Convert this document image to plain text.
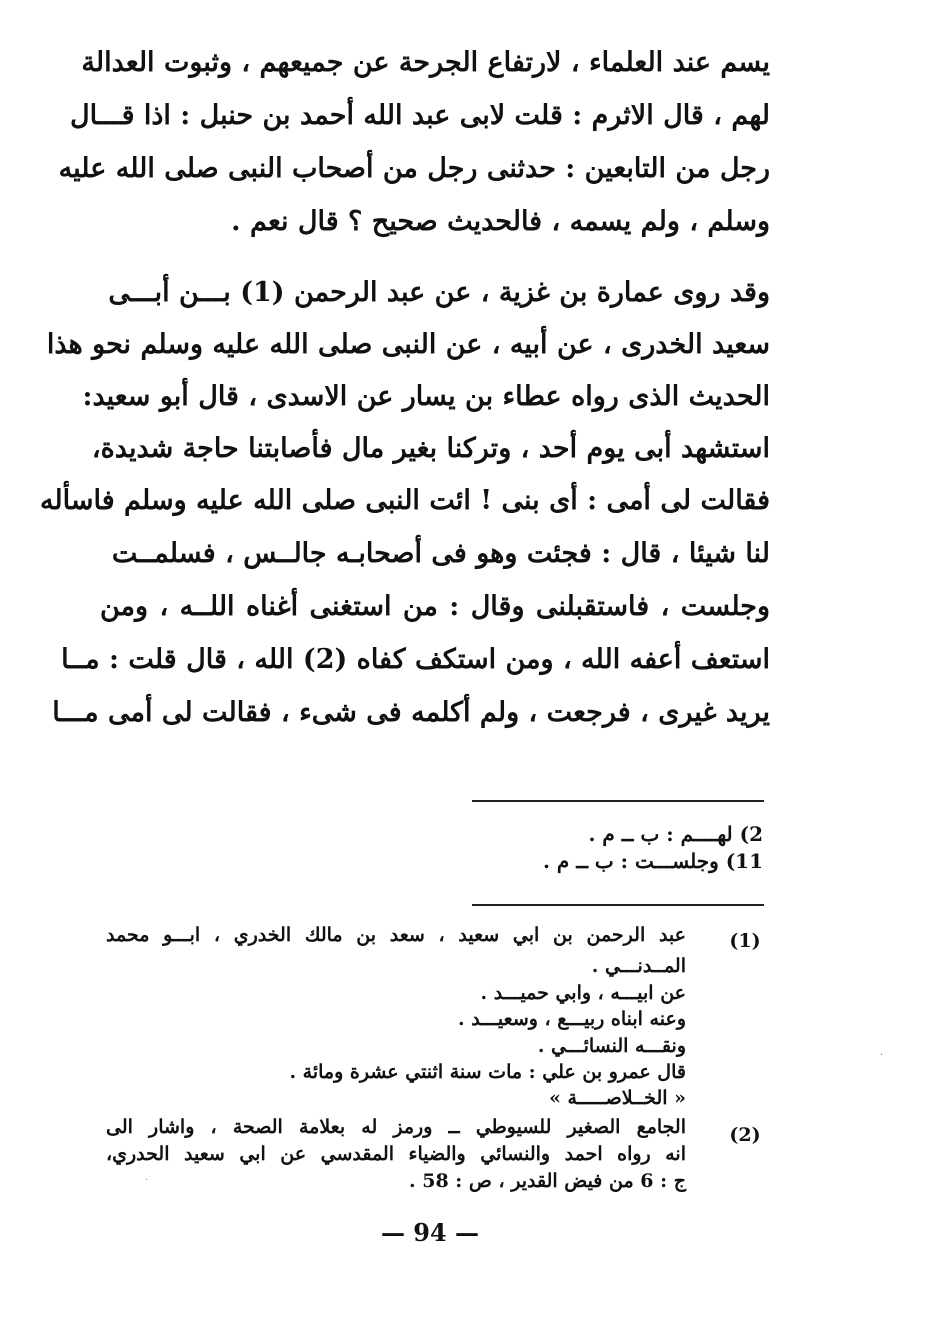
يسم عند العلماء ، لارتفاع الجرحة عن جميعهم ، وثبوت العدالة
لهم ، قال الاثرم : قلت لابى عبد الله أحمد بن حنبل : اذا قـــال
رجل من التابعين : حدثنى رجل من أصحاب النبى صلى الله عليه
وسلم ، ولم يسمه ، فالحديث صحيح ؟ قال نعم .
وقد روى عمارة بن غزية ، عن عبد الرحمن (1) بـــن أبـــى
سعيد الخدرى ، عن أبيه ، عن النبى صلى الله عليه وسلم نحو هذا
الحديث الذى رواه عطاء بن يسار عن الاسدى ، قال أبو سعيد:
استشهد أبى يوم أحد ، وتركنا بغير مال فأصابتنا حاجة شديدة،
فقالت لى أمى : أى بنى ! ائت النبى صلى الله عليه وسلم فاسأله
لنا شيئا ، قال : فجئت وهو فى أصحابـه جالــس ، فسلمــت
وجلست ، فاستقبلنى وقال : من استغنى أغناه اللــه ، ومن
استعف أعفه الله ، ومن استكف كفاه (2) الله ، قال قلت : مــا
يريد غيرى ، فرجعت ، ولم أكلمه فى شىء ، فقالت لى أمى مـــا
2) لهــــم : ب ــ م .
11) وجلســـت : ب ــ م .
(1)
عبد الرحمن بن ابي سعيد ، سعد بن مالك الخدري ، ابـــو محمد
المــدنـــي .
عن ابيـــه ، وابي حميـــد .
وعنه ابناه ربيـــع ، وسعيـــد .
ونقـــه النسائـــي .
قال عمرو بن علي : مات سنة اثنتي عشرة ومائة .
« الخــلاصـــــة »
(2)
الجامع الصغير للسيوطي ــ ورمز له بعلامة الصحة ، واشار الى
انه رواه احمد والنسائي والضياء المقدسي عن ابي سعيد الحدري،
ج : 6 من فيض القدير ، ص : 58 .
— 94 —
·
·
